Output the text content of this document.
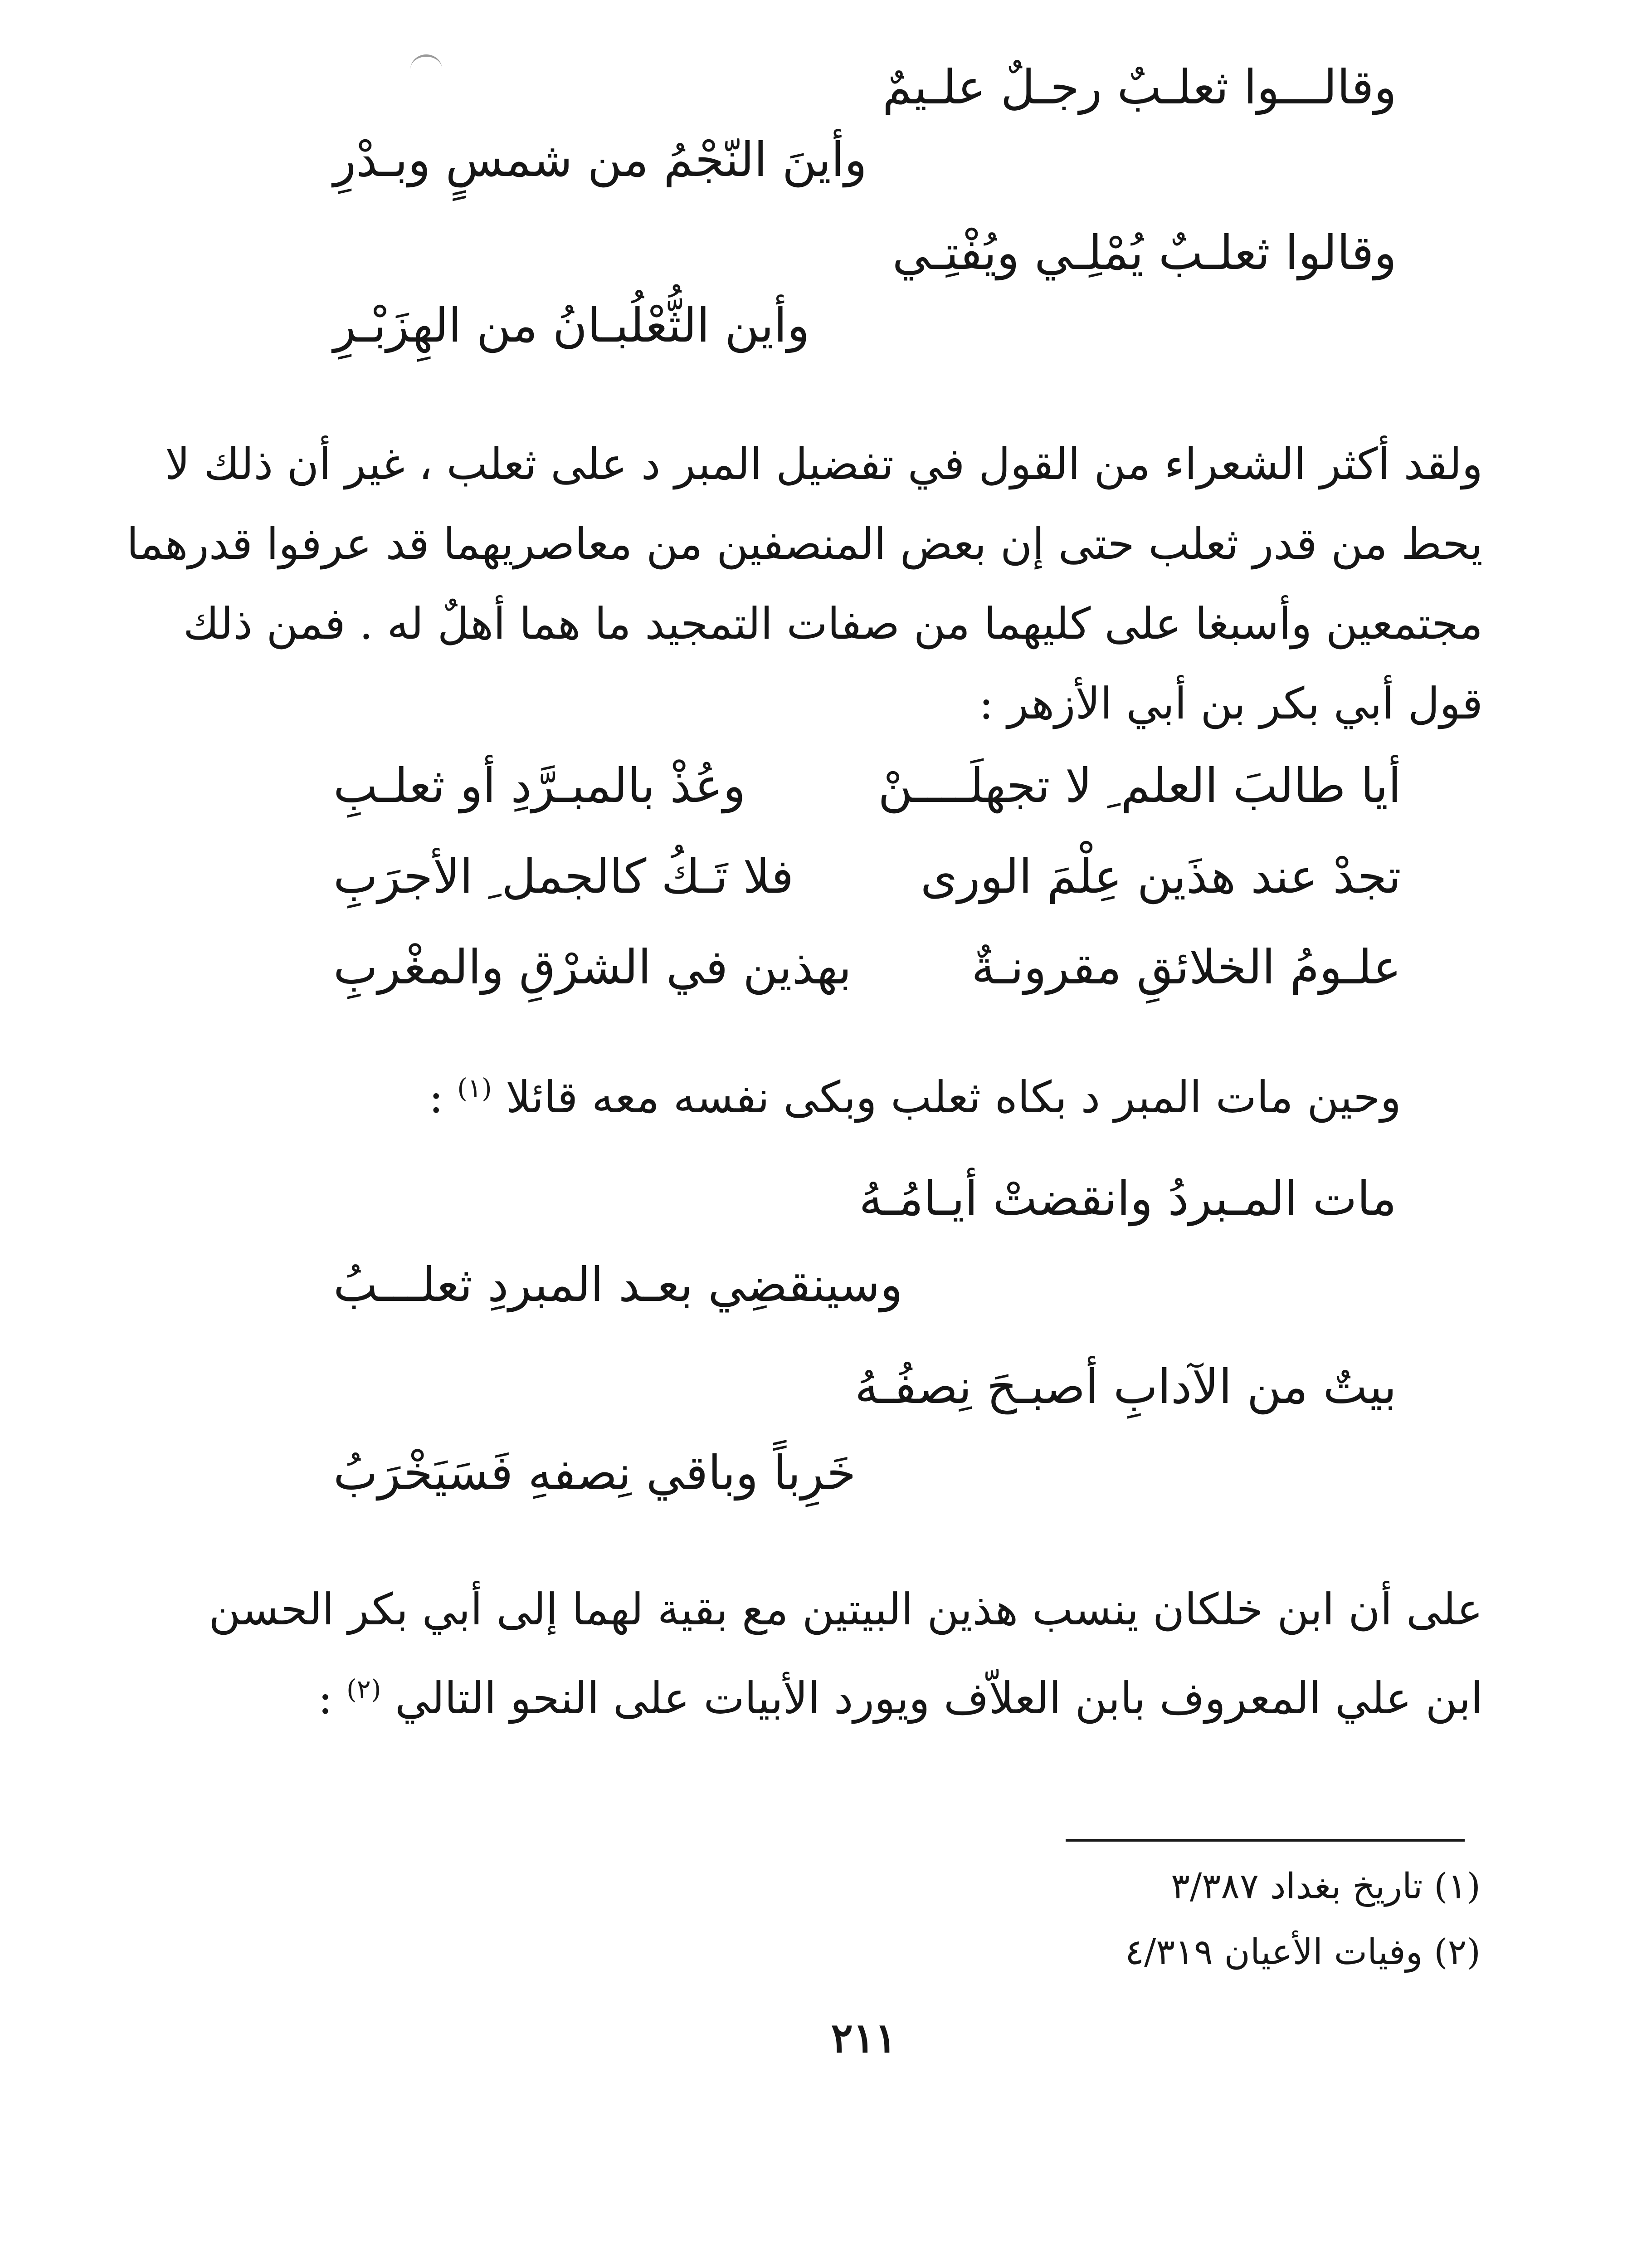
وقالـــوا ثعلـبٌ رجـلٌ علـيمٌ
وأينَ النّجْمُ من شمسٍ وبـدْرِ
وقالوا ثعلـبٌ يُمْلِـي ويُفْتِـي
وأين الثُّعْلُبـانُ من الهِزَبْـرِ
ولقد أكثر الشعراء من القول في تفضيل المبر د على ثعلب ، غير أن ذلك لا
يحط من قدر ثعلب حتى إن بعض المنصفين من معاصريهما قد عرفوا قدرهما
مجتمعين وأسبغا على كليهما من صفات التمجيد ما هما أهلٌ له . فمن ذلك
قول أبي بكر بن أبي الأزهر :
أيا طالبَ العلم ِ لا تجهلَــــنْ
وعُذْ بالمبـرَّدِ أو ثعلـبِ
تجدْ عند هذَين عِلْمَ الورى
فلا تَـكُ كالجمل ِ الأجرَبِ
علـومُ الخلائقِ مقرونـةٌ
بهذين في الشرْقِ والمغْربِ
وحين مات المبر د بكاه ثعلب وبكى نفسه معه قائلا $^{(١)}$ :
مات المـبردُ وانقضتْ أيـامُـهُ
وسينقضِي بعـد المبردِ ثعلـــبُ
بيتٌ من الآدابِ أصبـحَ نِصفُـهُ
خَرِباً وباقي نِصفهِ فَسَيَخْرَبُ
على أن ابن خلكان ينسب هذين البيتين مع بقية لهما إلى أبي بكر الحسن
ابن علي المعروف بابن العلاّف ويورد الأبيات على النحو التالي $^{(٢)}$ :
(١) تاريخ بغداد ٣/٣٨٧
(٢) وفيات الأعيان ٤/٣١٩
٢١١
